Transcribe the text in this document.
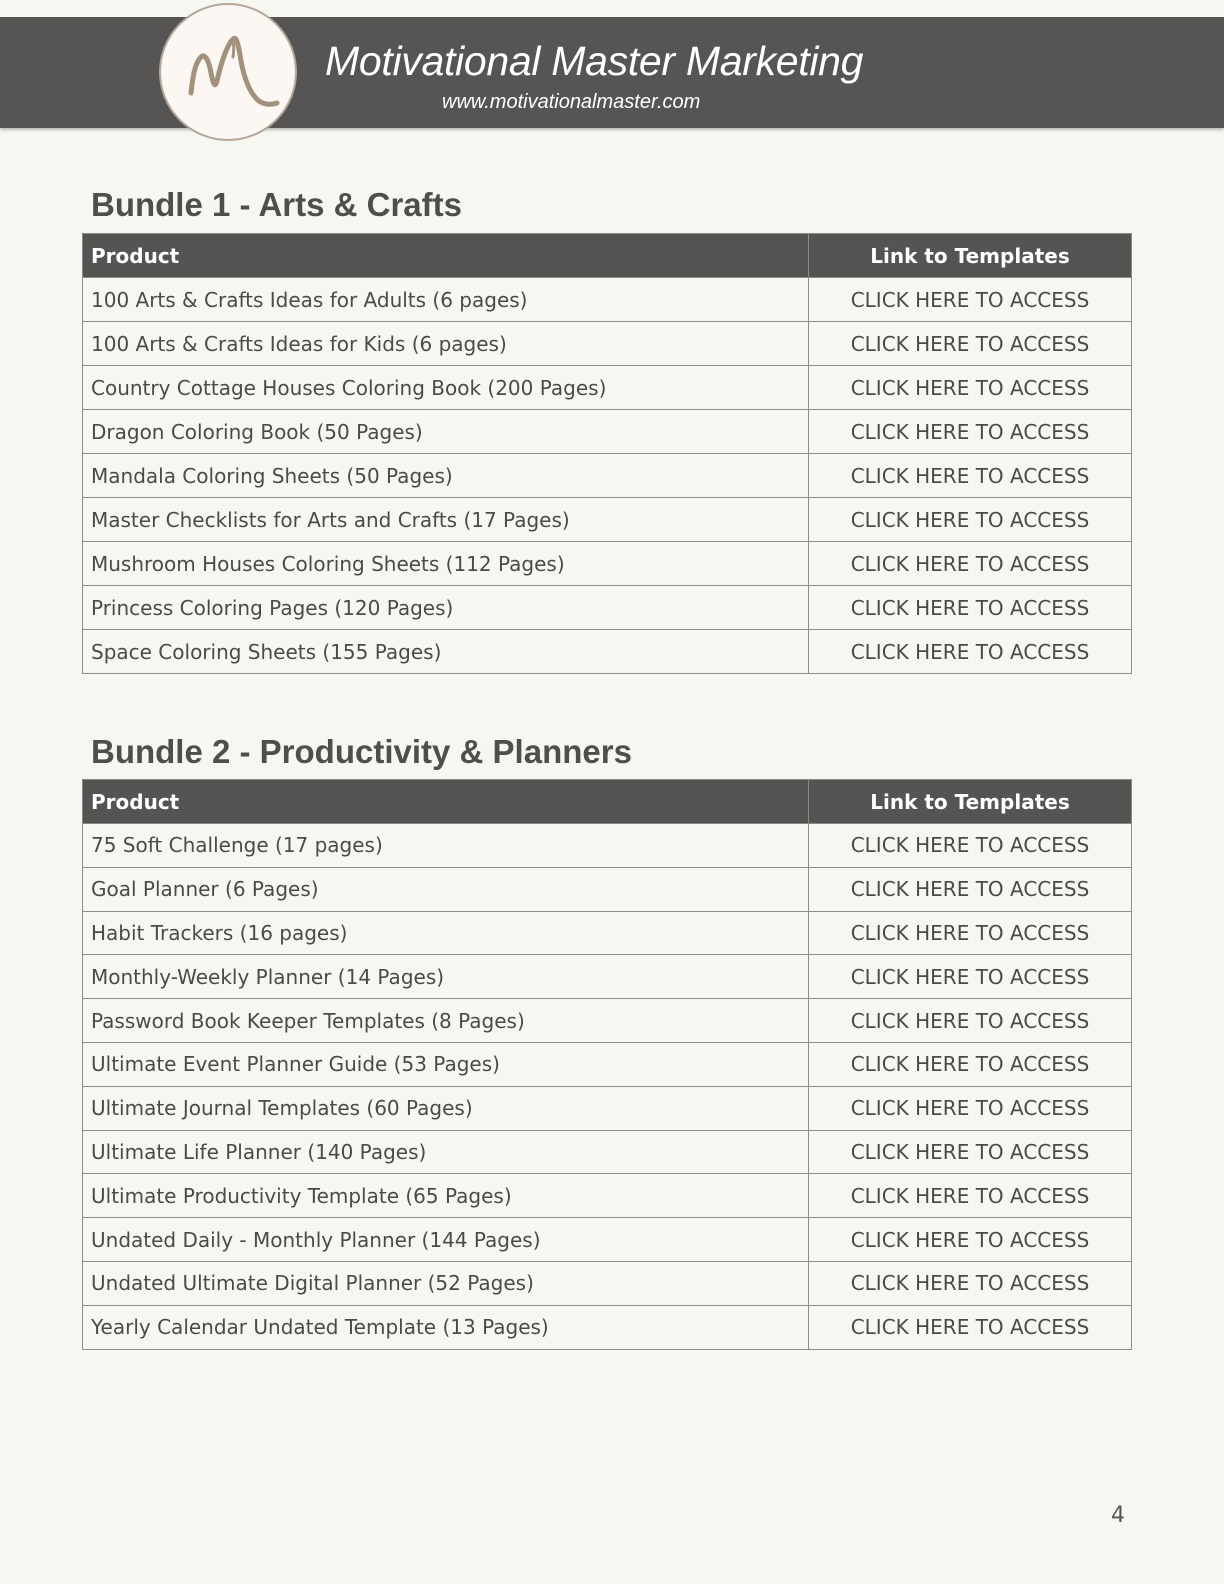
Motivational Master Marketing
www.motivationalmaster.com
Bundle 1 - Arts & Crafts
Product	Link to Templates
100 Arts & Crafts Ideas for Adults (6 pages)	CLICK HERE TO ACCESS
100 Arts & Crafts Ideas for Kids (6 pages)	CLICK HERE TO ACCESS
Country Cottage Houses Coloring Book (200 Pages)	CLICK HERE TO ACCESS
Dragon Coloring Book (50 Pages)	CLICK HERE TO ACCESS
Mandala Coloring Sheets (50 Pages)	CLICK HERE TO ACCESS
Master Checklists for Arts and Crafts (17 Pages)	CLICK HERE TO ACCESS
Mushroom Houses Coloring Sheets (112 Pages)	CLICK HERE TO ACCESS
Princess Coloring Pages (120 Pages)	CLICK HERE TO ACCESS
Space Coloring Sheets (155 Pages)	CLICK HERE TO ACCESS
Bundle 2 - Productivity & Planners
Product	Link to Templates
75 Soft Challenge (17 pages)	CLICK HERE TO ACCESS
Goal Planner (6 Pages)	CLICK HERE TO ACCESS
Habit Trackers (16 pages)	CLICK HERE TO ACCESS
Monthly-Weekly Planner (14 Pages)	CLICK HERE TO ACCESS
Password Book Keeper Templates (8 Pages)	CLICK HERE TO ACCESS
Ultimate Event Planner Guide (53 Pages)	CLICK HERE TO ACCESS
Ultimate Journal Templates (60 Pages)	CLICK HERE TO ACCESS
Ultimate Life Planner (140 Pages)	CLICK HERE TO ACCESS
Ultimate Productivity Template (65 Pages)	CLICK HERE TO ACCESS
Undated Daily - Monthly Planner (144 Pages)	CLICK HERE TO ACCESS
Undated Ultimate Digital Planner (52 Pages)	CLICK HERE TO ACCESS
Yearly Calendar Undated Template (13 Pages)	CLICK HERE TO ACCESS
4
